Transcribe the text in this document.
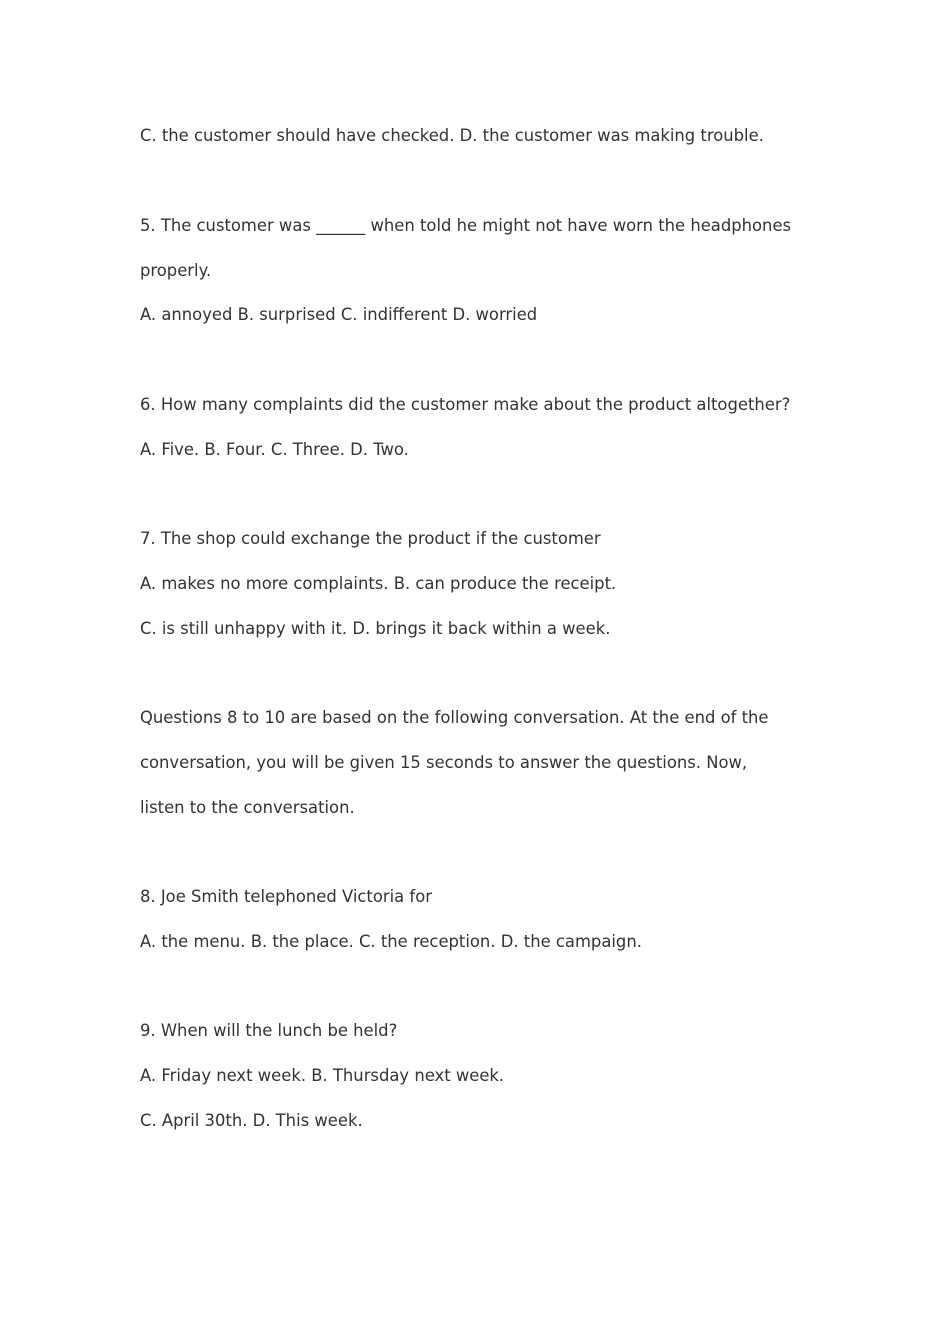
C. the customer should have checked. D. the customer was making trouble.
5. The customer was ______ when told he might not have worn the headphones
properly.
A. annoyed B. surprised C. indifferent D. worried
6. How many complaints did the customer make about the product altogether?
A. Five. B. Four. C. Three. D. Two.
7. The shop could exchange the product if the customer
A. makes no more complaints. B. can produce the receipt.
C. is still unhappy with it. D. brings it back within a week.
Questions 8 to 10 are based on the following conversation. At the end of the
conversation, you will be given 15 seconds to answer the questions. Now,
listen to the conversation.
8. Joe Smith telephoned Victoria for
A. the menu. B. the place. C. the reception. D. the campaign.
9. When will the lunch be held?
A. Friday next week. B. Thursday next week.
C. April 30th. D. This week.
